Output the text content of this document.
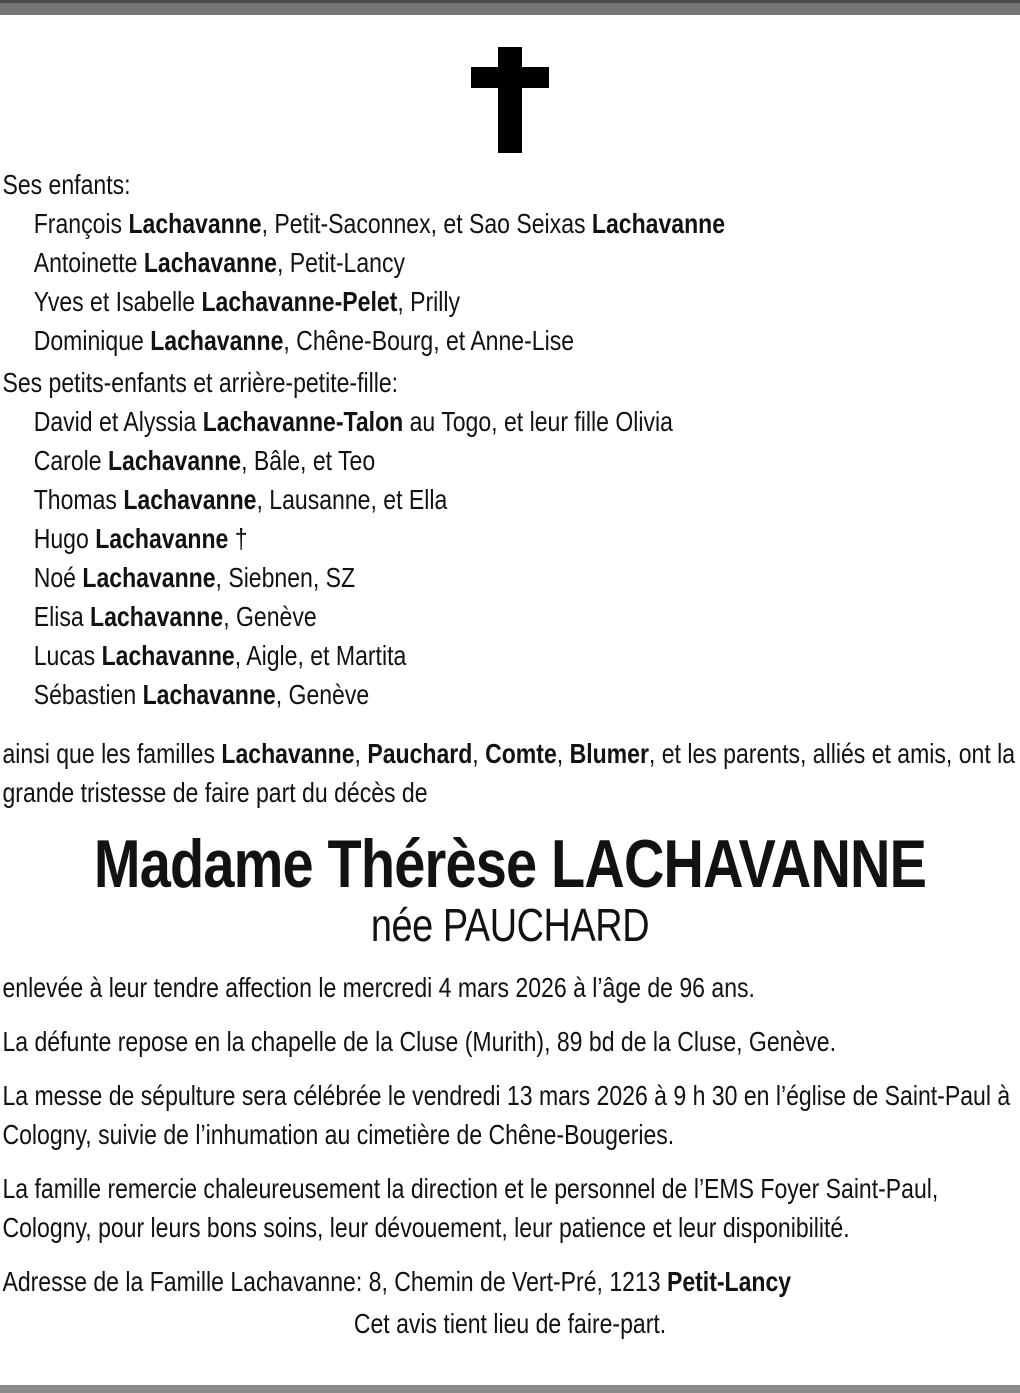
Ses enfants:
François Lachavanne, Petit-Saconnex, et Sao Seixas Lachavanne
Antoinette Lachavanne, Petit-Lancy
Yves et Isabelle Lachavanne-Pelet, Prilly
Dominique Lachavanne, Chêne-Bourg, et Anne-Lise
Ses petits-enfants et arrière-petite-fille:
David et Alyssia Lachavanne-Talon au Togo, et leur fille Olivia
Carole Lachavanne, Bâle, et Teo
Thomas Lachavanne, Lausanne, et Ella
Hugo Lachavanne †
Noé Lachavanne, Siebnen, SZ
Elisa Lachavanne, Genève
Lucas Lachavanne, Aigle, et Martita
Sébastien Lachavanne, Genève
ainsi que les familles Lachavanne, Pauchard, Comte, Blumer, et les parents, alliés et amis, ont la grande tristesse de faire part du décès de
Madame Thérèse LACHAVANNE
née PAUCHARD
enlevée à leur tendre affection le mercredi 4 mars 2026 à l’âge de 96 ans.
La défunte repose en la chapelle de la Cluse (Murith), 89 bd de la Cluse, Genève.
La messe de sépulture sera célébrée le vendredi 13 mars 2026 à 9 h 30 en l’église de Saint-Paul à Cologny, suivie de l’inhumation au cimetière de Chêne-Bougeries.
La famille remercie chaleureusement la direction et le personnel de l’EMS Foyer Saint-Paul, Cologny, pour leurs bons soins, leur dévouement, leur patience et leur disponibilité.
Adresse de la Famille Lachavanne: 8, Chemin de Vert-Pré, 1213 Petit-Lancy
Cet avis tient lieu de faire-part.
